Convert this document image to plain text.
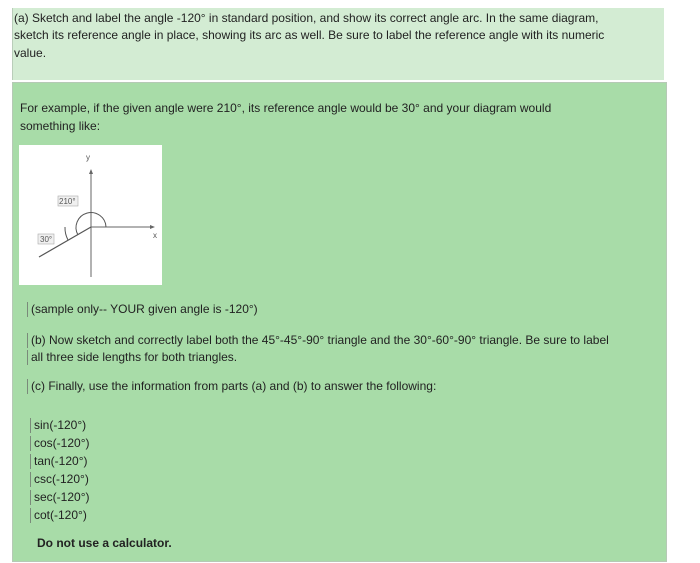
(a) Sketch and label the angle -120° in standard position, and show its correct angle arc. In the same diagram,
sketch its reference angle in place, showing its arc as well. Be sure to label the reference angle with its numeric
value.
For example, if the given angle were 210°, its reference angle would be 30° and your diagram would
something like:
y
x
210°
30°
(sample only-- YOUR given angle is -120°)
(b) Now sketch and correctly label both the 45°-45°-90° triangle and the 30°-60°-90° triangle. Be sure to label
all three side lengths for both triangles.
(c) Finally, use the information from parts (a) and (b) to answer the following:
sin(-120°)
cos(-120°)
tan(-120°)
csc(-120°)
sec(-120°)
cot(-120°)
Do not use a calculator.
